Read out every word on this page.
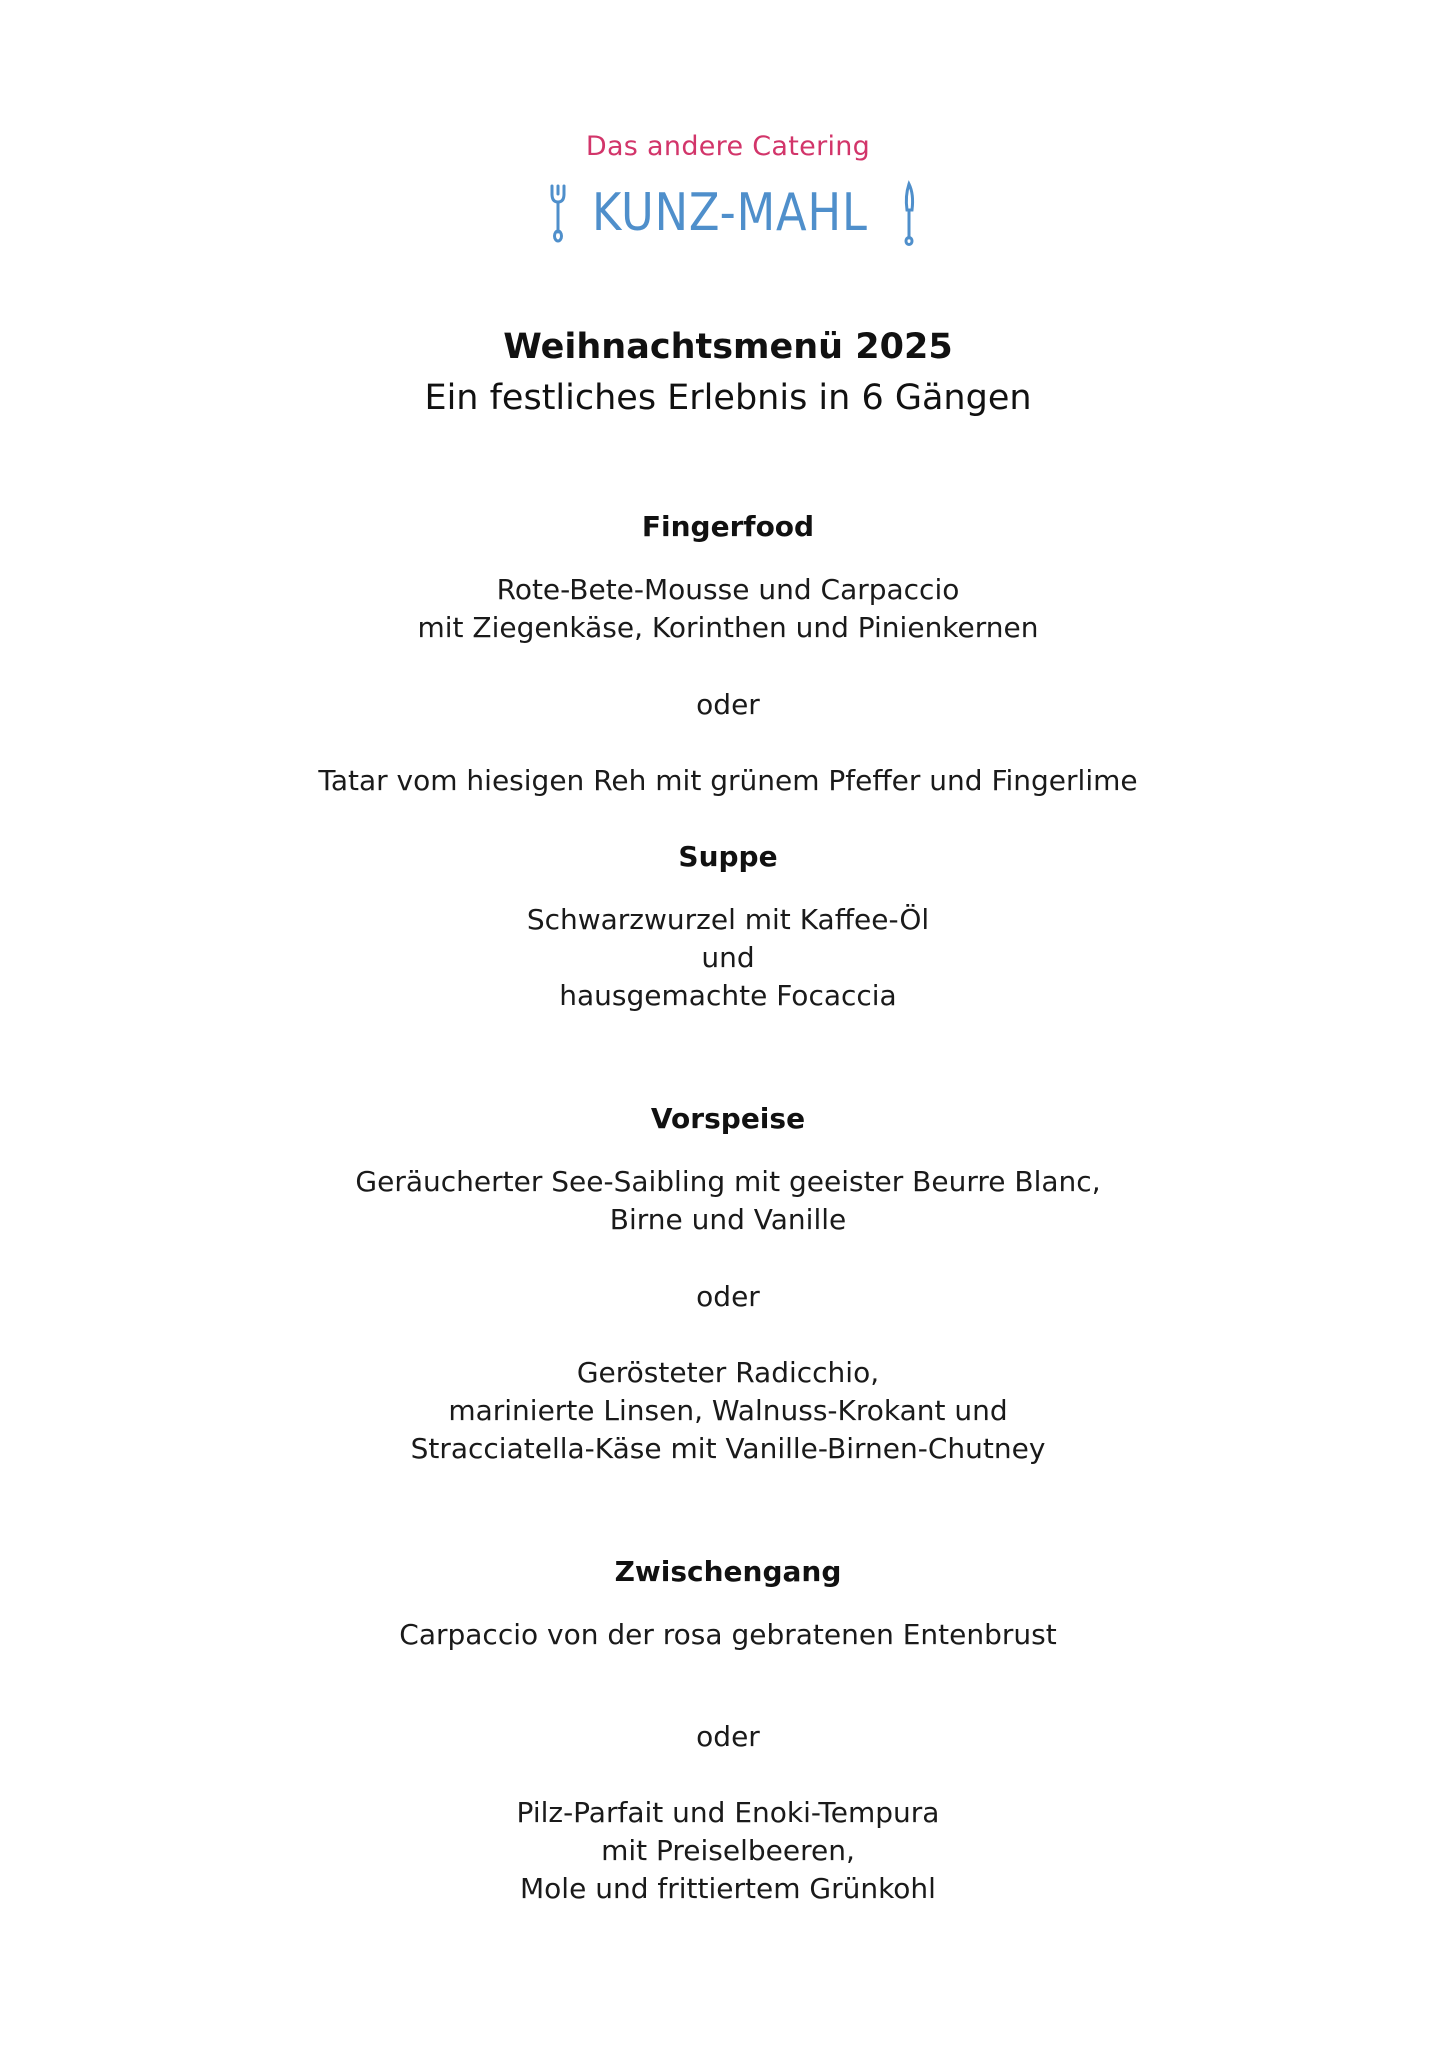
Das andere Catering
KUNZ-MAHL
Weihnachtsmenü 2025
Ein festliches Erlebnis in 6 Gängen
Fingerfood
Rote-Bete-Mousse und Carpaccio
mit Ziegenkäse, Korinthen und Pinienkernen
oder
Tatar vom hiesigen Reh mit grünem Pfeffer und Fingerlime
Suppe
Schwarzwurzel mit Kaffee-Öl
und
hausgemachte Focaccia
Vorspeise
Geräucherter See-Saibling mit geeister Beurre Blanc,
Birne und Vanille
oder
Gerösteter Radicchio,
marinierte Linsen, Walnuss-Krokant und
Stracciatella-Käse mit Vanille-Birnen-Chutney
Zwischengang
Carpaccio von der rosa gebratenen Entenbrust
oder
Pilz-Parfait und Enoki-Tempura
mit Preiselbeeren,
Mole und frittiertem Grünkohl
